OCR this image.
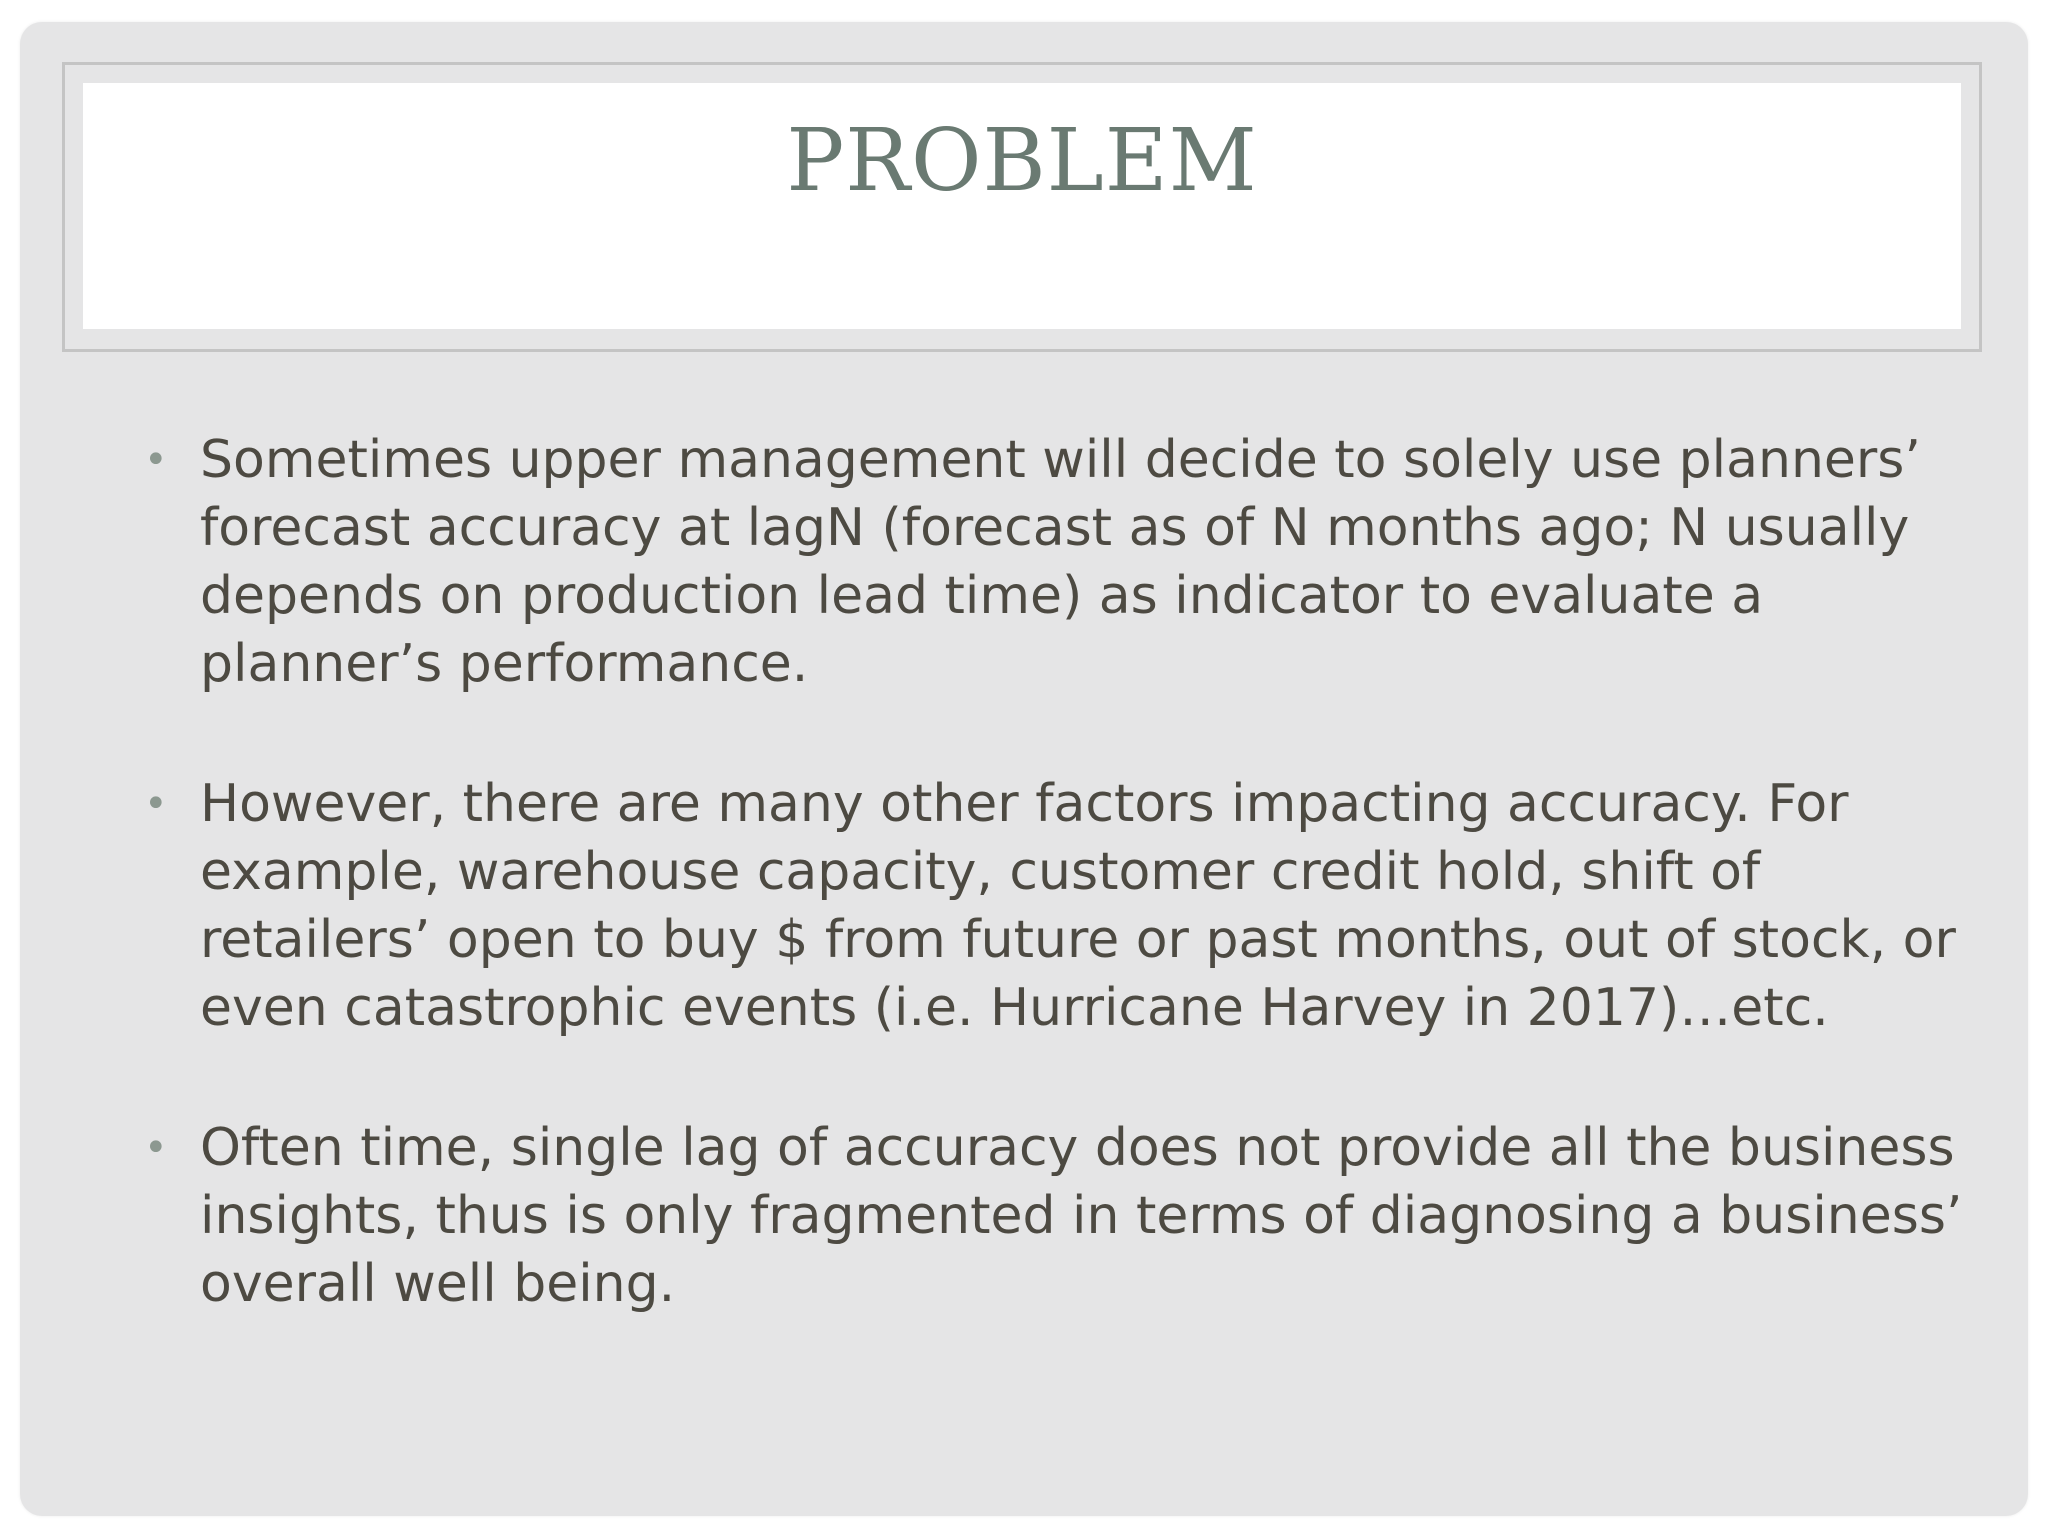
PROBLEM
• Sometimes upper management will decide to solely use planners’ forecast accuracy at lagN (forecast as of N months ago; N usually depends on production lead time) as indicator to evaluate a planner’s performance.
• However, there are many other factors impacting accuracy. For example, warehouse capacity, customer credit hold, shift of retailers’ open to buy $ from future or past months, out of stock, or even catastrophic events (i.e. Hurricane Harvey in 2017)…etc.
• Often time, single lag of accuracy does not provide all the business insights, thus is only fragmented in terms of diagnosing a business’ overall well being.
